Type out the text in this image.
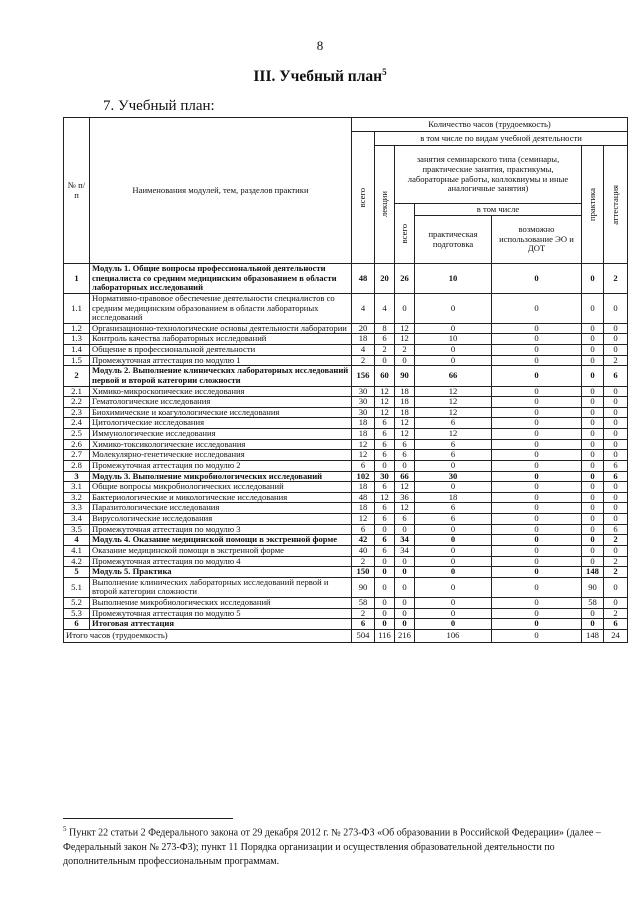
8
III. Учебный план$^5$
7. Учебный план:
№ п/п	Наименования модулей, тем, разделов практики	Количество часов (трудоемкость)						

		всего	в том числе по видам учебной деятельности					

			лекции	занятия семинарского типа (семинары, практические занятия, практикумы, лабораторные работы, коллоквиумы и иные аналогичные занятия)			практика	аттестация

				всего	в том числе			
					практическая подготовка	возможно использование ЭО и ДОТ		
1	Модуль 1. Общие вопросы профессиональной деятельности специалиста со средним медицинским образованием в области лабораторных исследований	48	20	26	10	0	0	2
1.1	Нормативно-правовое обеспечение деятельности специалистов со средним медицинским образованием в области лабораторных исследований	4	4	0	0	0	0	0
1.2	Организационно-технологические основы деятельности лаборатории	20	8	12	0	0	0	0
1.3	Контроль качества лабораторных исследований	18	6	12	10	0	0	0
1.4	Общение в профессиональной деятельности	4	2	2	0	0	0	0
1.5	Промежуточная аттестация по модулю 1	2	0	0	0	0	0	2
2	Модуль 2. Выполнение клинических лабораторных исследований первой и второй категории сложности	156	60	90	66	0	0	6
2.1	Химико-микроскопические исследования	30	12	18	12	0	0	0
2.2	Гематологические исследования	30	12	18	12	0	0	0
2.3	Биохимические и коагулологические исследования	30	12	18	12	0	0	0
2.4	Цитологические исследования	18	6	12	6	0	0	0
2.5	Иммунологические исследования	18	6	12	12	0	0	0
2.6	Химико-токсикологические исследования	12	6	6	6	0	0	0
2.7	Молекулярно-генетические исследования	12	6	6	6	0	0	0
2.8	Промежуточная аттестация по модулю 2	6	0	0	0	0	0	6
3	Модуль 3. Выполнение микробиологических исследований	102	30	66	30	0	0	6
3.1	Общие вопросы микробиологических исследований	18	6	12	0	0	0	0
3.2	Бактериологические и микологические исследования	48	12	36	18	0	0	0
3.3	Паразитологические исследования	18	6	12	6	0	0	0
3.4	Вирусологические исследования	12	6	6	6	0	0	0
3.5	Промежуточная аттестация по модулю 3	6	0	0	0	0	0	6
4	Модуль 4. Оказание медицинской помощи в экстренной форме	42	6	34	0	0	0	2
4.1	Оказание медицинской помощи в экстренной форме	40	6	34	0	0	0	0
4.2	Промежуточная аттестация по модулю 4	2	0	0	0	0	0	2
5	Модуль 5. Практика	150	0	0	0	0	148	2
5.1	Выполнение клинических лабораторных исследований первой и второй категории сложности	90	0	0	0	0	90	0
5.2	Выполнение микробиологических исследований	58	0	0	0	0	58	0
5.3	Промежуточная аттестация по модулю 5	2	0	0	0	0	0	2
6	Итоговая аттестация	6	0	0	0	0	0	6
Итого часов (трудоемкость)		504	116	216	106	0	148	24
$^5$ Пункт 22 статьи 2 Федерального закона от 29 декабря 2012 г. № 273-ФЗ «Об образовании в Российской Федерации» (далее – Федеральный закон № 273-ФЗ); пункт 11 Порядка организации и осуществления образовательной деятельности по дополнительным профессиональным программам.
